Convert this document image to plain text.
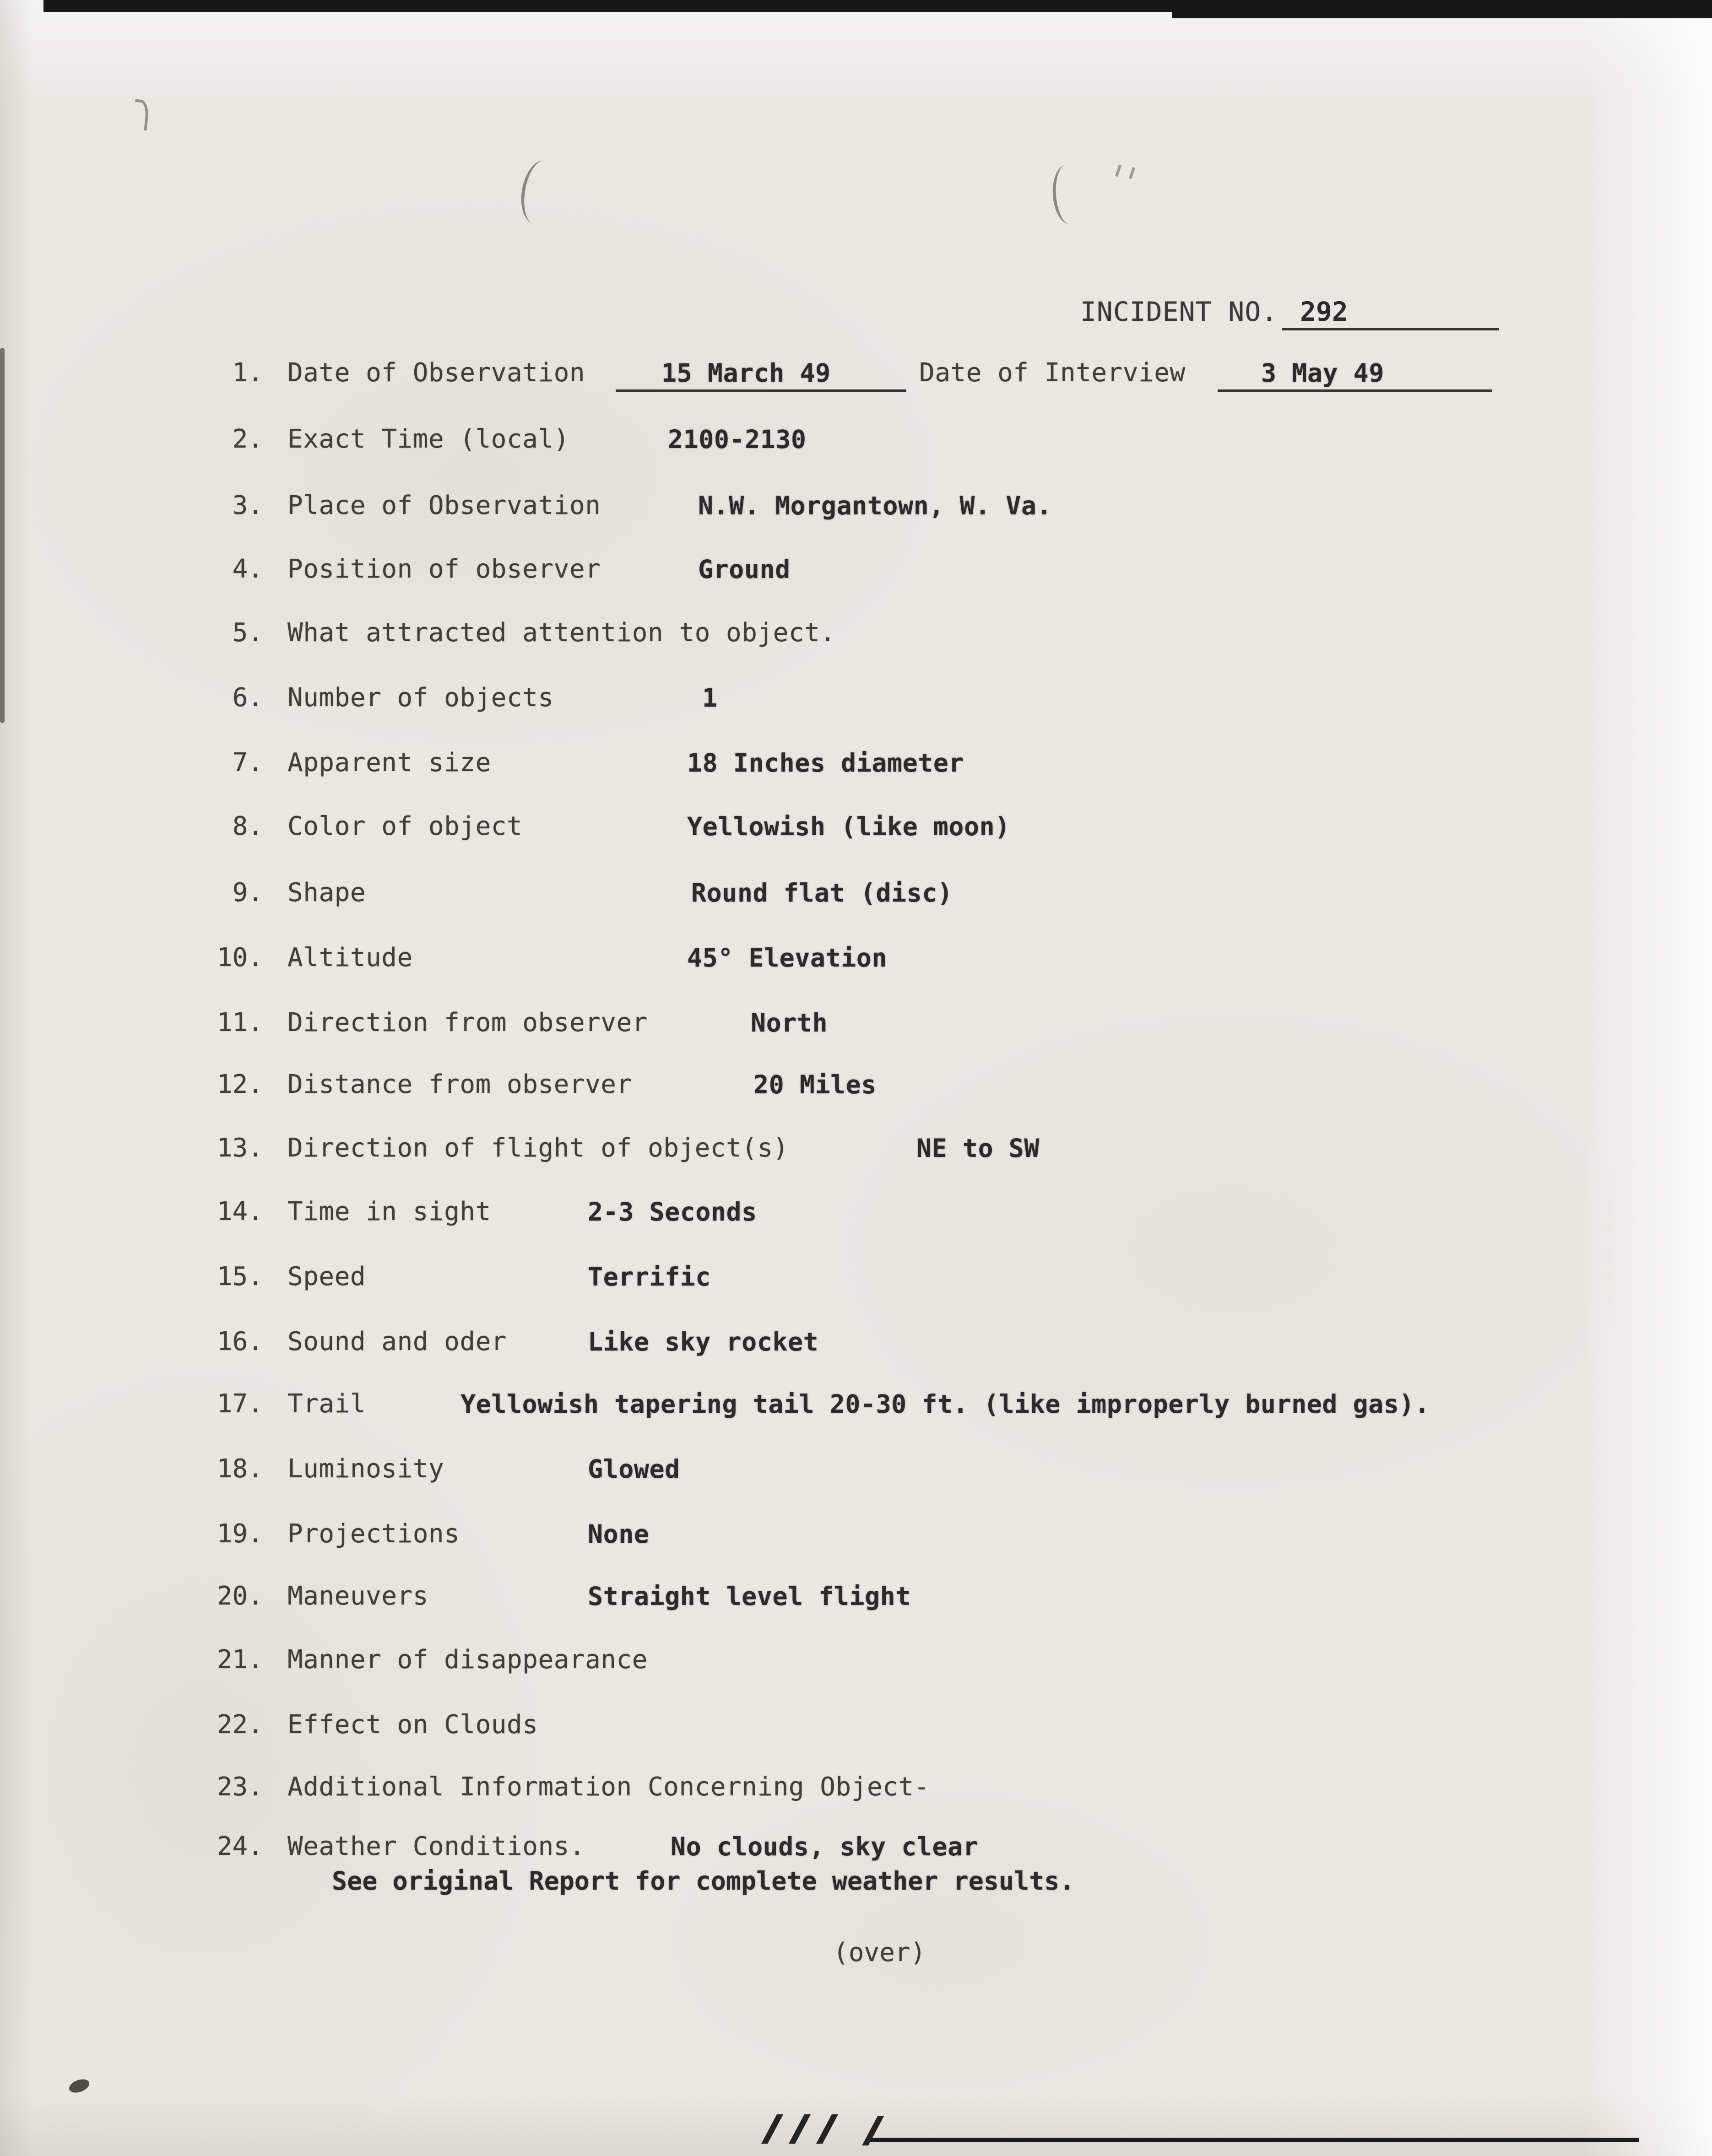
INCIDENT NO. 292
1. Date of Observation	15 March 49	Date of Interview	3 May 49
2. Exact Time (local)	2100-2130
3. Place of Observation	N.W. Morgantown, W. Va.
4. Position of observer	Ground
5. What attracted attention to object.
6. Number of objects	1
7. Apparent size	18 Inches diameter
8. Color of object	Yellowish (like moon)
9. Shape	Round flat (disc)
10. Altitude	45° Elevation
11. Direction from observer	North
12. Distance from observer	20 Miles
13. Direction of flight of object(s)	NE to SW
14. Time in sight	2-3 Seconds
15. Speed	Terrific
16. Sound and oder	Like sky rocket
17. Trail	Yellowish tapering tail 20-30 ft. (like improperly burned gas).
18. Luminosity	Glowed
19. Projections	None
20. Maneuvers	Straight level flight
21. Manner of disappearance
22. Effect on Clouds
23. Additional Information Concerning Object-
24. Weather Conditions.	No clouds, sky clear
See original Report for complete weather results.
(over)
